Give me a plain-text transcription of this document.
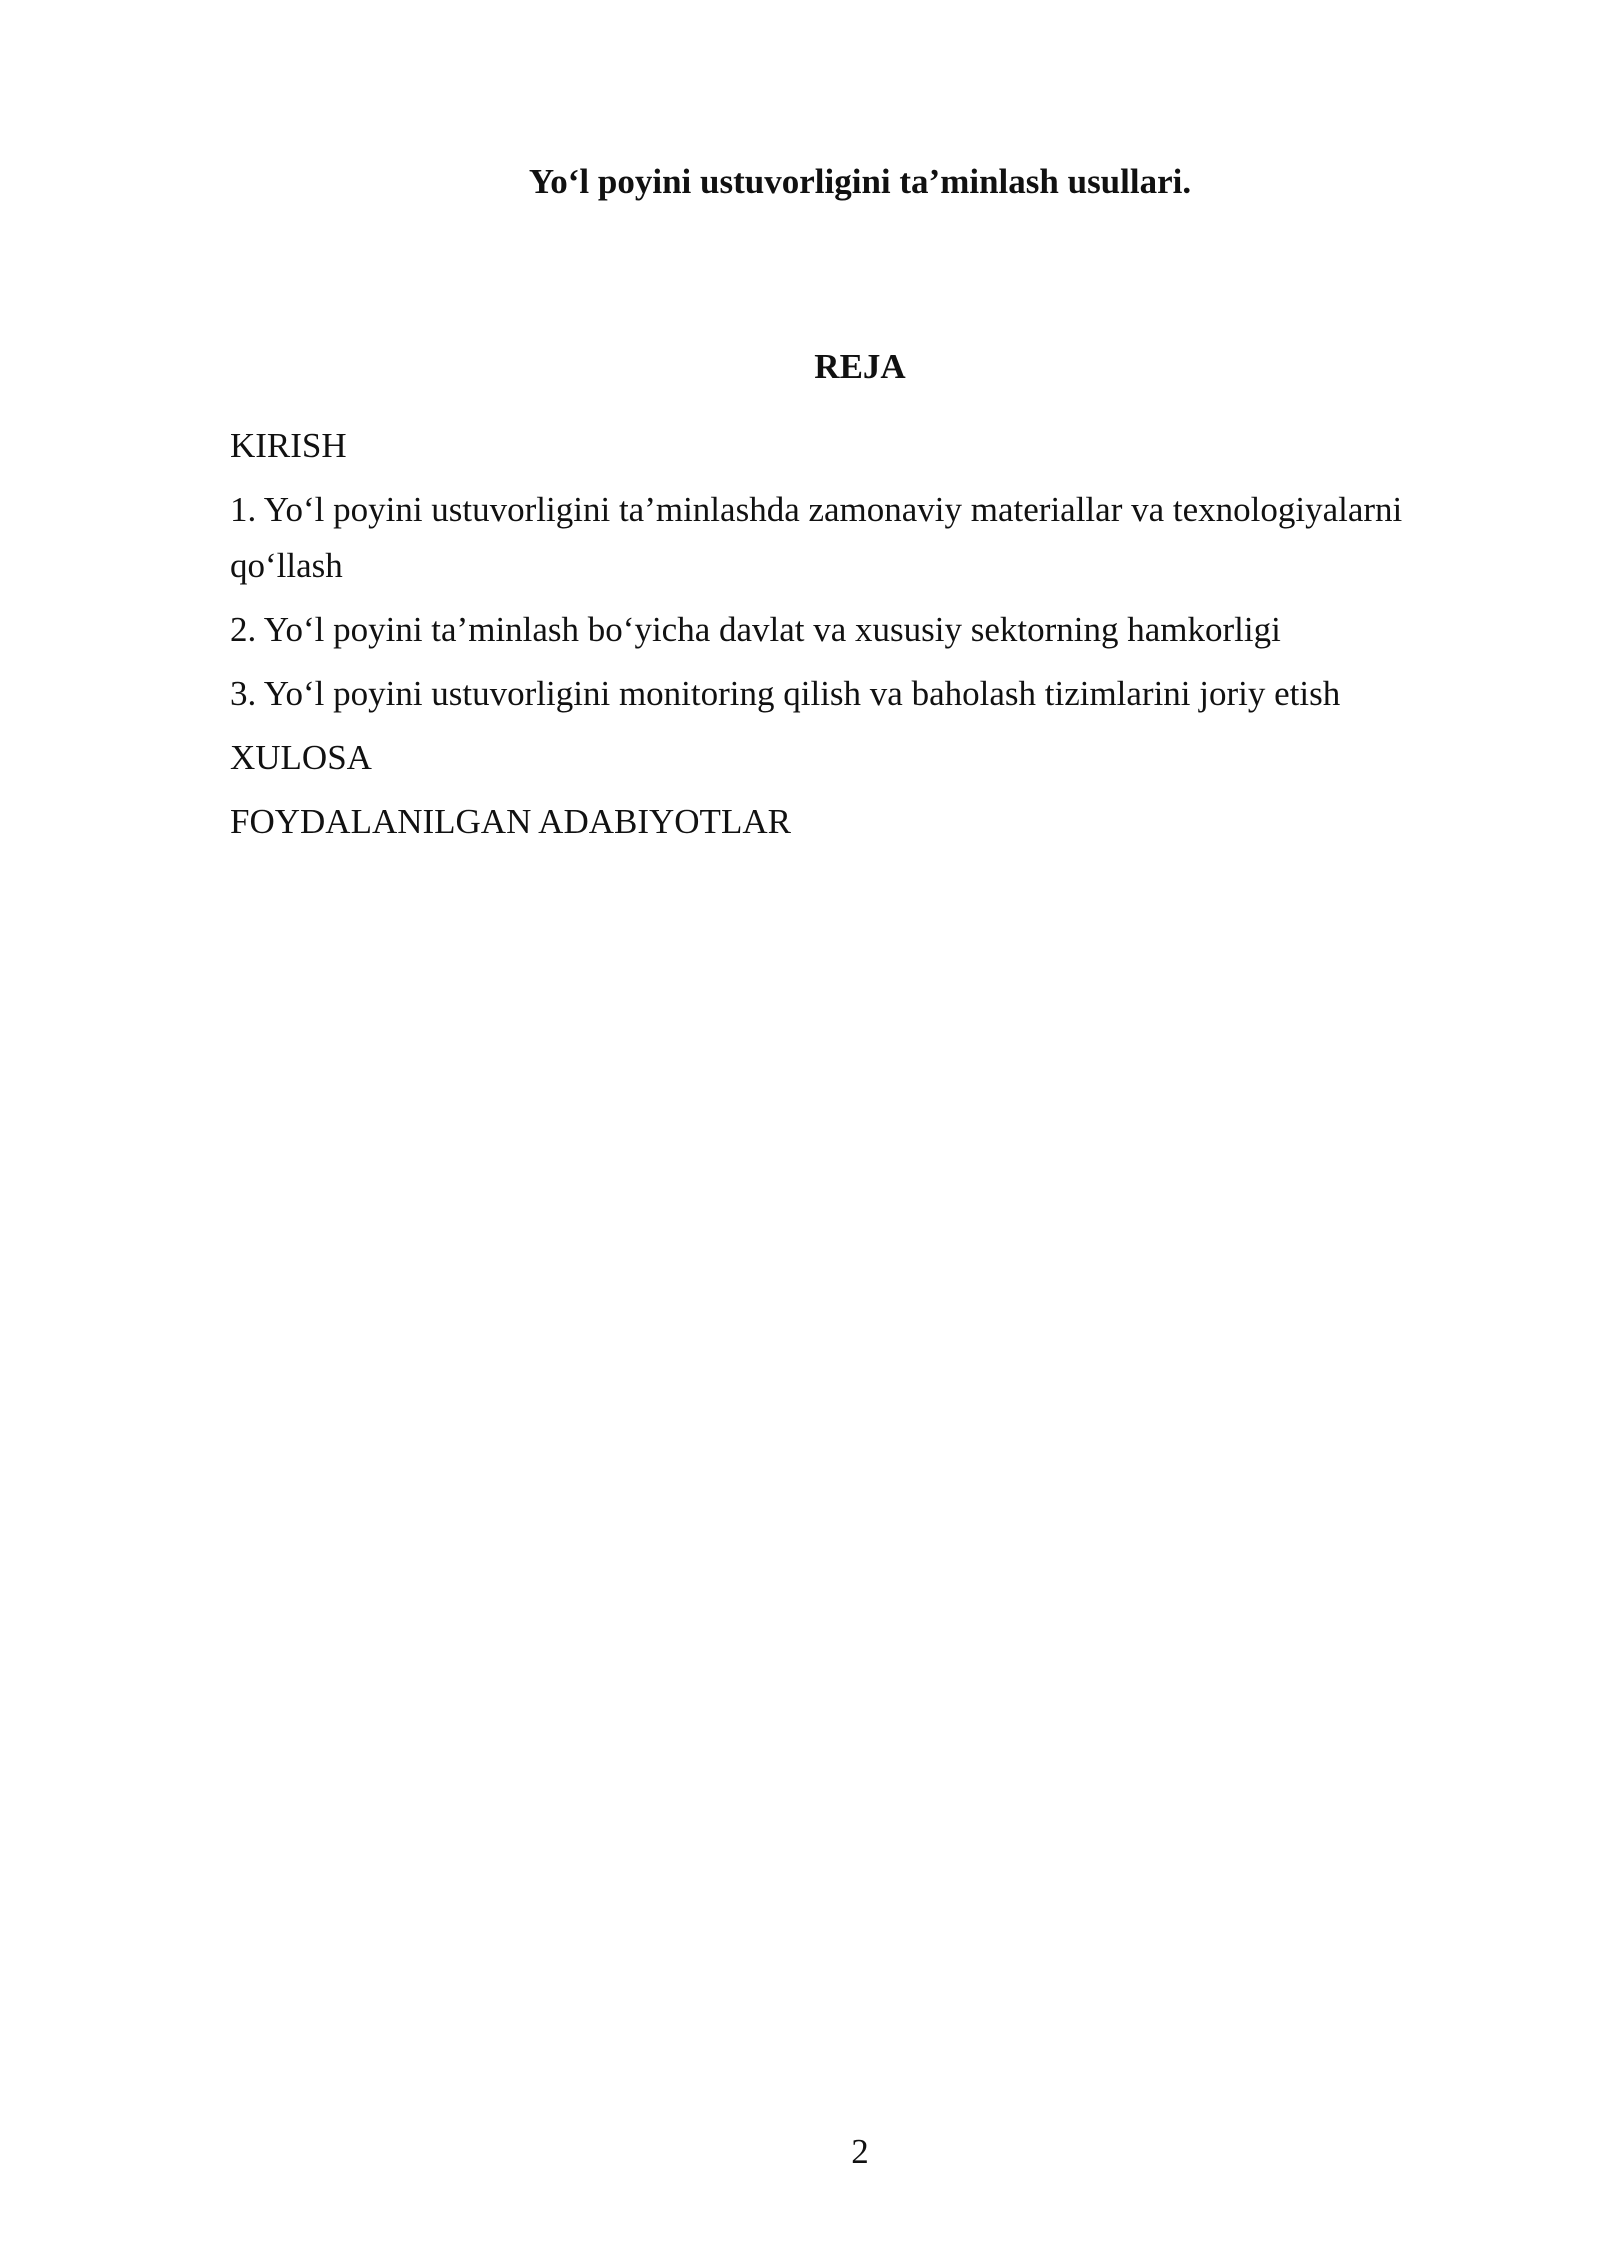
Yo‘l poyini ustuvorligini ta’minlash usullari.
REJA
KIRISH
1. Yo‘l poyini ustuvorligini ta’minlashda zamonaviy materiallar va texnologiyalarni qo‘llash
2. Yo‘l poyini ta’minlash bo‘yicha davlat va xususiy sektorning hamkorligi
3. Yo‘l poyini ustuvorligini monitoring qilish va baholash tizimlarini joriy etish
XULOSA
FOYDALANILGAN ADABIYOTLAR
2
